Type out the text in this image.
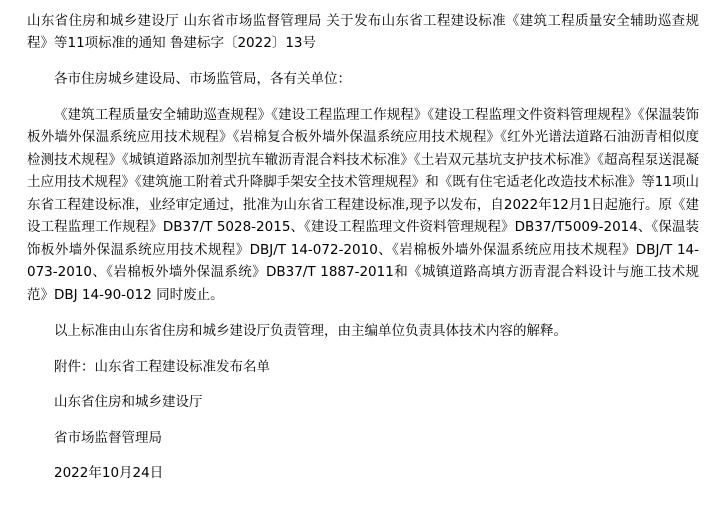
山东省住房和城乡建设厅 山东省市场监督管理局 关于发布山东省工程建设标准《建筑工程质量安全辅助巡查规程》等11项标准的通知 鲁建标字〔2022〕13号
各市住房城乡建设局、市场监管局，各有关单位：
《建筑工程质量安全辅助巡查规程》《建设工程监理工作规程》《建设工程监理文件资料管理规程》《保温装饰板外墙外保温系统应用技术规程》《岩棉复合板外墙外保温系统应用技术规程》《红外光谱法道路石油沥青相似度检测技术规程》《城镇道路添加剂型抗车辙沥青混合料技术标准》《土岩双元基坑支护技术标准》《超高程泵送混凝土应用技术规程》《建筑施工附着式升降脚手架安全技术管理规程》和《既有住宅适老化改造技术标准》等11项山东省工程建设标准，业经审定通过，批准为山东省工程建设标准,现予以发布，自2022年12月1日起施行。原《建设工程监理工作规程》DB37/T 5028-2015、《建设工程监理文件资料管理规程》DB37/T5009-2014、《保温装饰板外墙外保温系统应用技术规程》DBJ/T 14-072-2010、《岩棉板外墙外保温系统应用技术规程》DBJ/T 14-073-2010、《岩棉板外墙外保温系统》DB37/T 1887-2011和《城镇道路高填方沥青混合料设计与施工技术规范》DBJ 14-90-012 同时废止。
以上标准由山东省住房和城乡建设厅负责管理，由主编单位负责具体技术内容的解释。
附件：山东省工程建设标准发布名单
山东省住房和城乡建设厅
省市场监督管理局
2022年10月24日
